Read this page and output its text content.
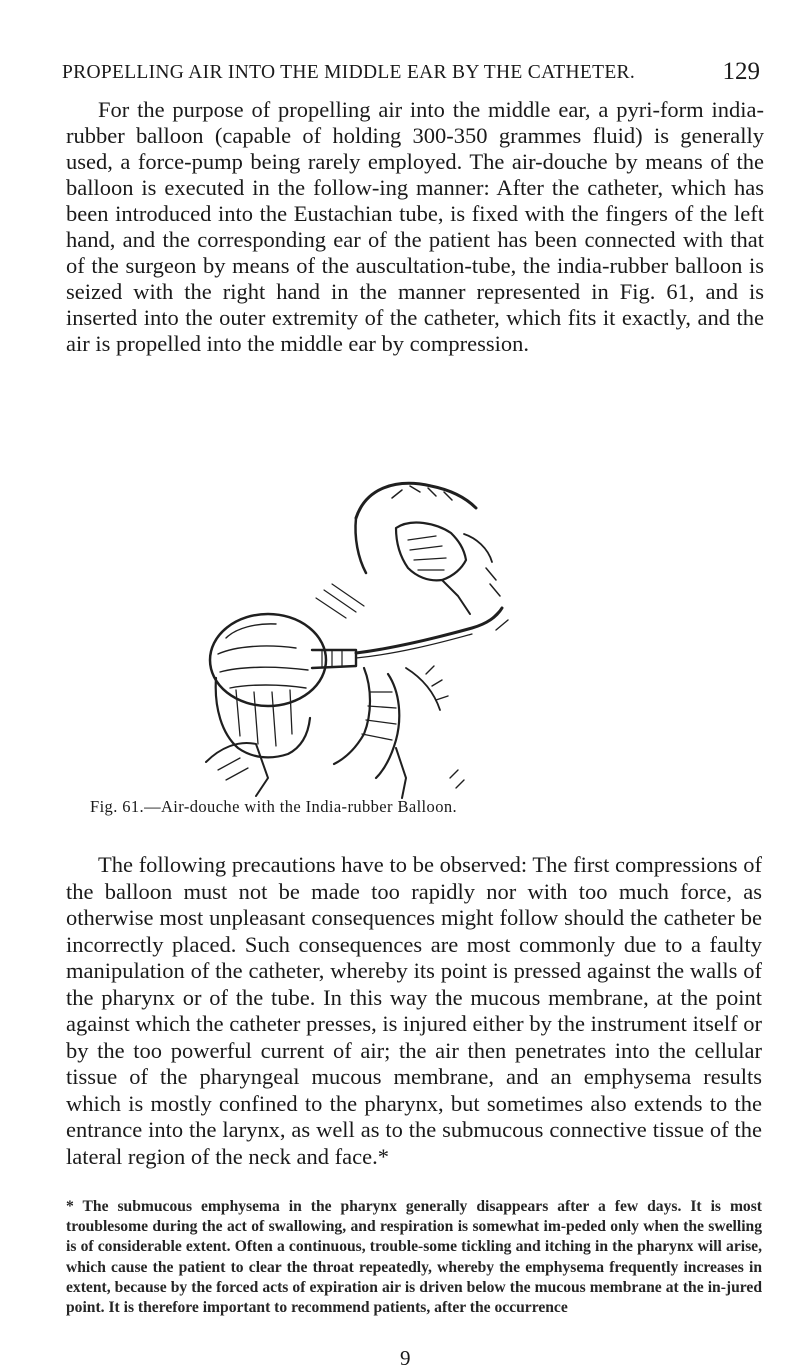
PROPELLING AIR INTO THE MIDDLE EAR BY THE CATHETER.	129

For the purpose of propelling air into the middle ear, a pyri-form india-rubber balloon (capable of holding 300-350 grammes fluid) is generally used, a force-pump being rarely employed. The air-douche by means of the balloon is executed in the follow-ing manner: After the catheter, which has been introduced into the Eustachian tube, is fixed with the fingers of the left hand, and the corresponding ear of the patient has been connected with that of the surgeon by means of the auscultation-tube, the india-rubber balloon is seized with the right hand in the manner represented in Fig. 61, and is inserted into the outer extremity of the catheter, which fits it exactly, and the air is propelled into the middle ear by compression.

Fig. 61.—Air-douche with the India-rubber Balloon.

The following precautions have to be observed: The first compressions of the balloon must not be made too rapidly nor with too much force, as otherwise most unpleasant consequences might follow should the catheter be incorrectly placed. Such consequences are most commonly due to a faulty manipulation of the catheter, whereby its point is pressed against the walls of the pharynx or of the tube. In this way the mucous membrane, at the point against which the catheter presses, is injured either by the instrument itself or by the too powerful current of air; the air then penetrates into the cellular tissue of the pharyngeal mucous membrane, and an emphysema results which is mostly confined to the pharynx, but sometimes also extends to the entrance into the larynx, as well as to the submucous connective tissue of the lateral region of the neck and face.*

* The submucous emphysema in the pharynx generally disappears after a few days. It is most troublesome during the act of swallowing, and respiration is somewhat im-peded only when the swelling is of considerable extent. Often a continuous, trouble-some tickling and itching in the pharynx will arise, which cause the patient to clear the throat repeatedly, whereby the emphysema frequently increases in extent, because by the forced acts of expiration air is driven below the mucous membrane at the in-jured point. It is therefore important to recommend patients, after the occurrence

9
